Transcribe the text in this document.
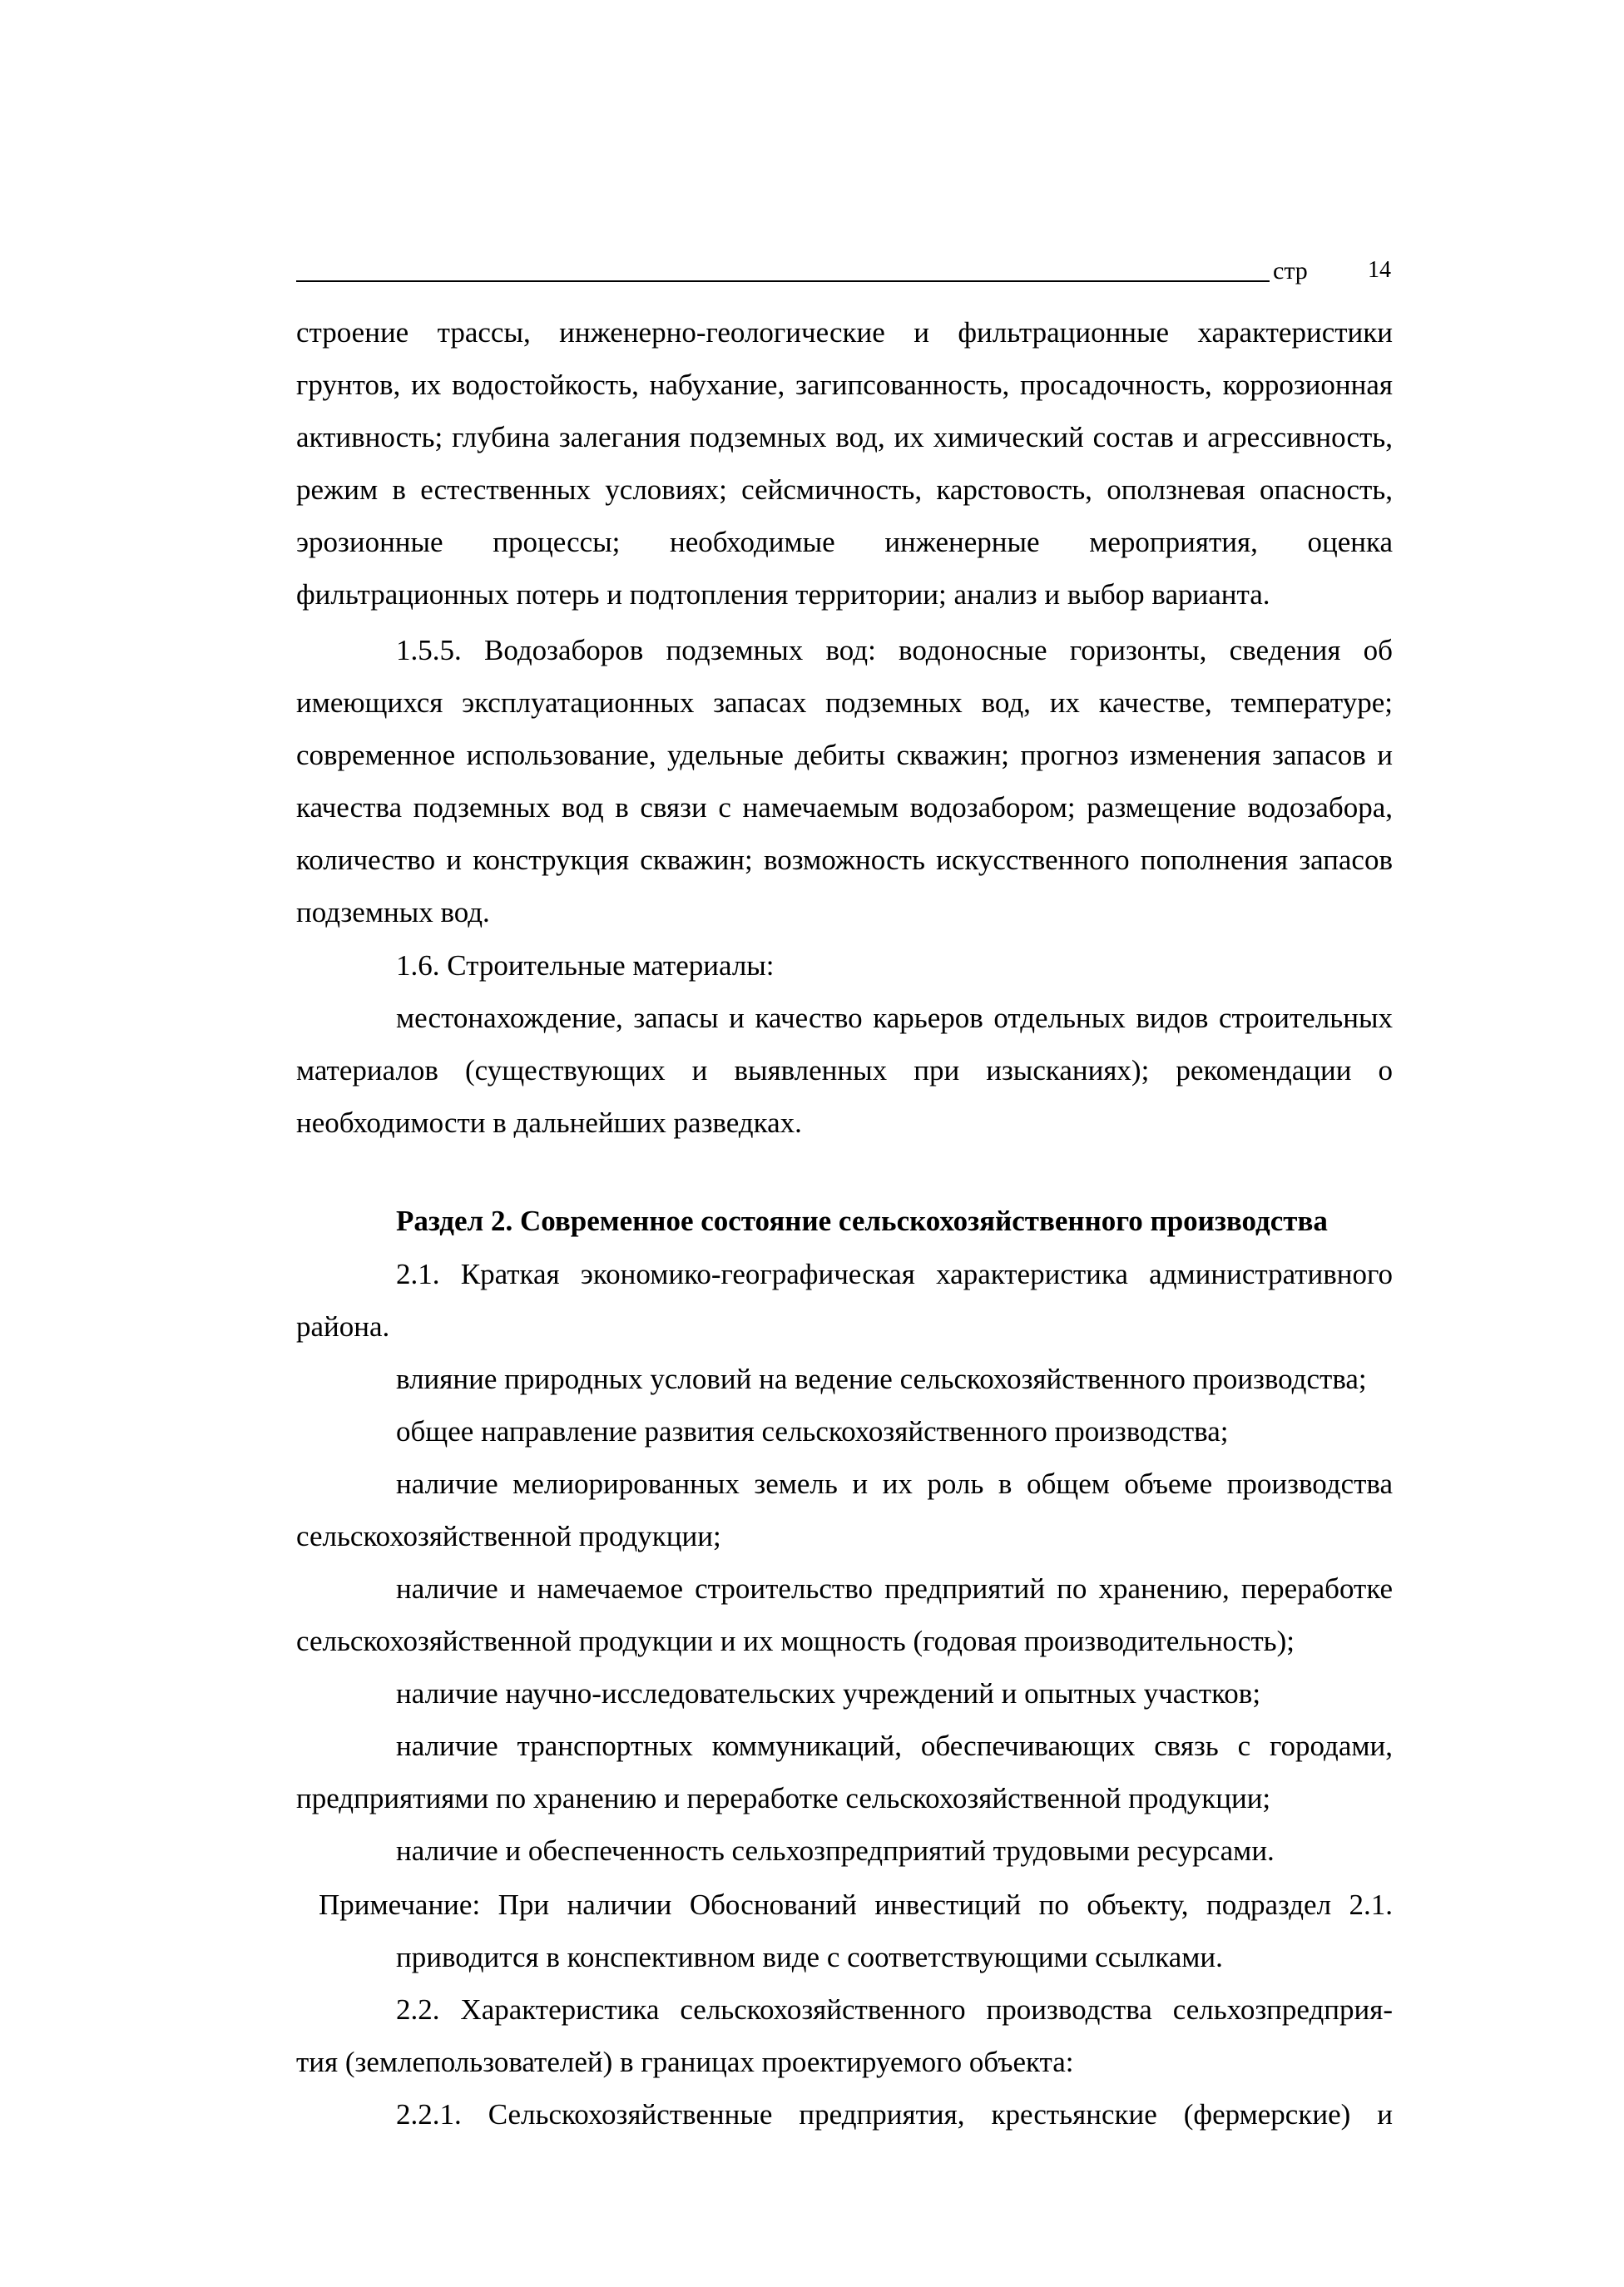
стр	14
строение трассы, инженерно-геологические и фильтрационные характеристики
грунтов, их водостойкость, набухание, загипсованность, просадочность, коррозионная
активность; глубина залегания подземных вод, их химический состав и агрессивность,
режим в естественных условиях; сейсмичность, карстовость, оползневая опасность,
эрозионные процессы; необходимые инженерные мероприятия, оценка
фильтрационных потерь и подтопления территории; анализ и выбор варианта.
1.5.5. Водозаборов подземных вод: водоносные горизонты, сведения об
имеющихся эксплуатационных запасах подземных вод, их качестве, температуре;
современное использование, удельные дебиты скважин; прогноз изменения запасов и
качества подземных вод в связи с намечаемым водозабором; размещение водозабора,
количество и конструкция скважин; возможность искусственного пополнения запасов
подземных вод.
1.6. Строительные материалы:
местонахождение, запасы и качество карьеров отдельных видов строительных
материалов (существующих и выявленных при изысканиях); рекомендации о
необходимости в дальнейших разведках.
Раздел 2. Современное состояние сельскохозяйственного производства
2.1. Краткая экономико-географическая характеристика административного
района.
влияние природных условий на ведение сельскохозяйственного производства;
общее направление развития сельскохозяйственного производства;
наличие мелиорированных земель и их роль в общем объеме производства
сельскохозяйственной продукции;
наличие и намечаемое строительство предприятий по хранению, переработке
сельскохозяйственной продукции и их мощность (годовая производительность);
наличие научно-исследовательских учреждений и опытных участков;
наличие транспортных коммуникаций, обеспечивающих связь с городами,
предприятиями по хранению и переработке сельскохозяйственной продукции;
наличие и обеспеченность сельхозпредприятий трудовыми ресурсами.
Примечание: При наличии Обоснований инвестиций по объекту, подраздел 2.1.
приводится в конспективном виде с соответствующими ссылками.
2.2. Характеристика сельскохозяйственного производства сельхозпредприя-
тия (землепользователей) в границах проектируемого объекта:
2.2.1. Сельскохозяйственные предприятия, крестьянские (фермерские) и
